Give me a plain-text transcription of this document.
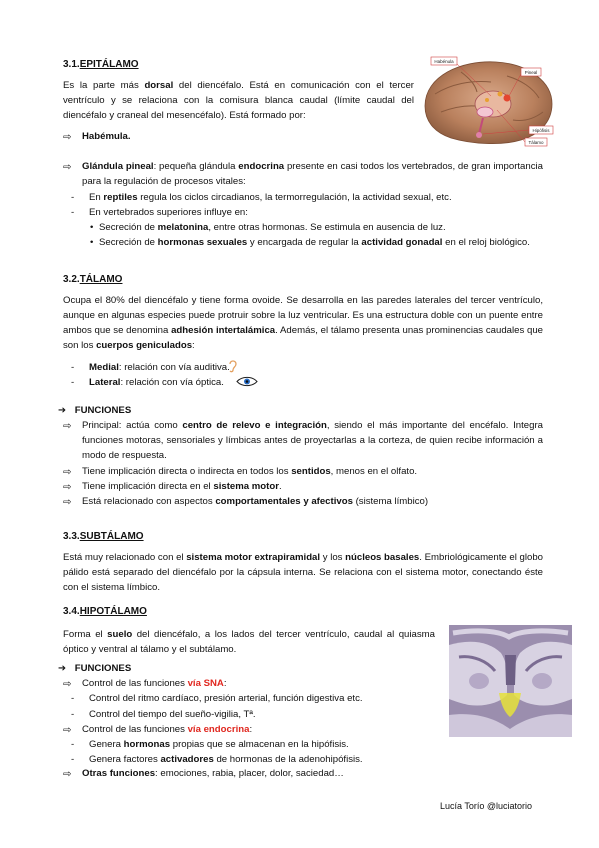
3.1.EPITÁLAMO

Es la parte más dorsal del diencéfalo. Está en comunicación con el tercer ventrículo y se relaciona con la comisura blanca caudal (límite caudal del diencéfalo y craneal del mesencéfalo). Está formado por:

Pineal
Habénula
Hipófisis
Tálamo
⇨ Habémula.
⇨ Glándula pineal: pequeña glándula endocrina presente en casi todos los vertebrados, de gran importancia para la regulación de procesos vitales:

- En reptiles regula los ciclos circadianos, la termorregulación, la actividad sexual, etc.
- En vertebrados superiores influye en:
• Secreción de melatonina, entre otras hormonas. Se estimula en ausencia de luz.
• Secreción de hormonas sexuales y encargada de regular la actividad gonadal en el reloj biológico.
3.2.TÁLAMO

Ocupa el 80% del diencéfalo y tiene forma ovoide. Se desarrolla en las paredes laterales del tercer ventrículo, aunque en algunas especies puede protruir sobre la luz ventricular. Es una estructura doble con un puente entre ambos que se denomina adhesión intertalámica. Además, el tálamo presenta unas prominencias caudales que son los cuerpos geniculados:

- Medial: relación con vía auditiva.
- Lateral: relación con vía óptica.
➔ FUNCIONES
⇨ Principal: actúa como centro de relevo e integración, siendo el más importante del encéfalo. Integra funciones motoras, sensoriales y límbicas antes de proyectarlas a la corteza, de quien recibe información a modo de respuesta.

⇨ Tiene implicación directa o indirecta en todos los sentidos, menos en el olfato.
⇨ Tiene implicación directa en el sistema motor.
⇨ Está relacionado con aspectos comportamentales y afectivos (sistema límbico)
3.3.SUBTÁLAMO

Está muy relacionado con el sistema motor extrapiramidal y los núcleos basales. Embriológicamente el globo pálido está separado del diencéfalo por la cápsula interna. Se relaciona con el sistema motor, conectando éste con el sistema límbico.

3.4.HIPOTÁLAMO

Forma el suelo del diencéfalo, a los lados del tercer ventrículo, caudal al quiasma óptico y ventral al tálamo y el subtálamo.

➔ FUNCIONES
⇨ Control de las funciones vía SNA:
- Control del ritmo cardíaco, presión arterial, función digestiva etc.
- Control del tiempo del sueño-vigilia, Tª.
⇨ Control de las funciones vía endocrina:
- Genera hormonas propias que se almacenan en la hipófisis.
- Genera factores activadores de hormonas de la adenohipófisis.
⇨ Otras funciones: emociones, rabia, placer, dolor, saciedad…
Lucía Torío @luciatorio
